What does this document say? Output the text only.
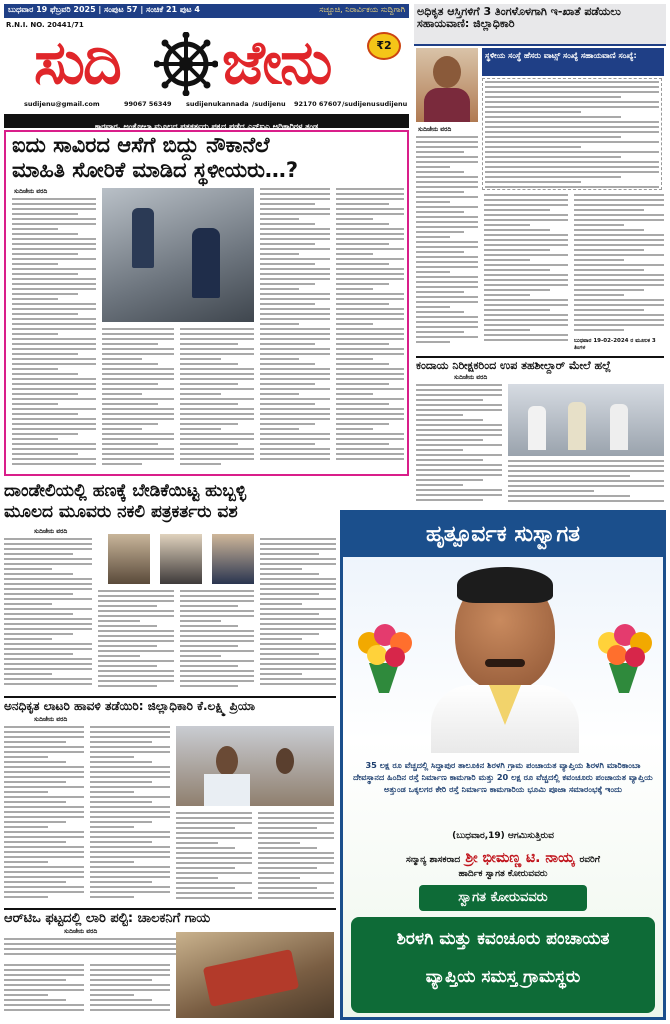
ಬುಧವಾರ 19 ಫೆಬ್ರವರಿ 2025 | ಸಂಪುಟ 57 | ಸಂಚಿಕೆ 21 ಪುಟ 4	ಸಚ್ಚೂಚಿ, ನಿರಾರ್ವಿಕಯ ಸುದ್ದಿಗಾಗಿ
R.N.I. NO. 20441/71
ಸುದಿ ಜೇನು	₹2
sudijenu@gmail.com	99067 56349 sudijenukannada /sudijenu 92170 67607 /sudijenu sudijenu
ಕಾರವಾರ, ಅಂಕೋಲಾ ಮೂಲದ ಪತ್ರಕರ್ತರು ಪಕ್ಷದ ಪಡೆದ ಎನ್‌ಐಎ ಅಧಿಕಾರಿಗಳ ತಂಡ
ಐದು ಸಾವಿರದ ಆಸೆಗೆ ಬಿದ್ದು ನೌಕಾನೆಲೆ
ಮಾಹಿತಿ ಸೋರಿಕೆ ಮಾಡಿದ ಸ್ಥಳೀಯರು…?
ಸುದಿಜೇನು ವರದಿ
ಅಧಿಕೃತ ಆಸ್ತಿಗಳಿಗೆ 3 ತಿಂಗಳೊಳಗಾಗಿ ಇ-ಖಾತೆ ಪಡೆಯಲು ಸಹಾಯವಾಣಿ: ಜಿಲ್ಲಾಧಿಕಾರಿ
ಸ್ಥಳೀಯ ಸಂಸ್ಥೆ ಹೆಸರು ವಾಟ್ಸ್ ಸಂಖ್ಯೆ ಸಹಾಯವಾಣಿ ಸಂಖ್ಯೆ:
ಸುದಿಜೇನು ವರದಿ
ಬುಧವಾರ 19-02-2024 ರ ಮೂಲಕ 3 ತಿಂಗಳ
ಕಂದಾಯ ನಿರೀಕ್ಷಕರಿಂದ ಉಪ ತಹಶೀಲ್ದಾರ್ ಮೇಲೆ ಹಲ್ಲೆ
ಸುದಿಜೇನು ವರದಿ
ದಾಂಡೇಲಿಯಲ್ಲಿ ಹಣಕ್ಕೆ ಬೇಡಿಕೆಯಿಟ್ಟ ಹುಬ್ಬಳ್ಳಿ
ಮೂಲದ ಮೂವರು ನಕಲಿ ಪತ್ರಕರ್ತರು ವಶ
ಸುದಿಜೇನು ವರದಿ
ಅನಧಿಕೃತ ಲಾಟರಿ ಹಾವಳಿ ತಡೆಯಿರಿ: ಜಿಲ್ಲಾಧಿಕಾರಿ ಕೆ.ಲಕ್ಷ್ಮಿ ಪ್ರಿಯಾ
ಸುದಿಜೇನು ವರದಿ
ಆರ್‌ಟಿಒ ಫಟ್ಟದಲ್ಲಿ ಲಾರಿ ಪಲ್ಟಿ: ಚಾಲಕನಿಗೆ ಗಾಯ
ಸುದಿಜೇನು ವರದಿ
ಹೃತ್ಪೂರ್ವಕ ಸುಸ್ವಾಗತ
35 ಲಕ್ಷ ರೂ ವೆಚ್ಚದಲ್ಲಿ ಸಿದ್ದಾಪುರ ತಾಲೂಕಿನ ಶಿರಳಗಿ ಗ್ರಾಮ ಪಂಚಾಯತ ವ್ಯಾಪ್ತಿಯ ಶಿರಳಗಿ ಮಾರಿಕಾಂಬಾ ದೇವಸ್ಥಾನದ ಹಿಂದಿನ ರಸ್ತೆ ನಿರ್ಮಾಣ ಕಾಮಗಾರಿ ಮತ್ತು 20 ಲಕ್ಷ ರೂ ವೆಚ್ಚದಲ್ಲಿ ಕವಂಚೂರು ಪಂಚಾಯತ ವ್ಯಾಪ್ತಿಯ ಅತ್ತುಂಡ ಒಕ್ಕಲಗರ ಕೇರಿ ರಸ್ತೆ ನಿರ್ಮಾಣ ಕಾಮಗಾರಿಯ ಭೂಮಿ ಪೂಜಾ ಸಮಾರಂಭಕ್ಕೆ ಇಂದು
(ಬುಧವಾರ,19) ಆಗಮಿಸುತ್ತಿರುವ
ಸನ್ಮಾನ್ಯ ಶಾಸಕರಾದ ಶ್ರೀ ಭೀಮಣ್ಣ ಟಿ. ನಾಯ್ಕ ರವರಿಗೆ
ಹಾರ್ದಿಕ ಸ್ವಾಗತ ಕೋರುವವರು
ಸ್ವಾಗತ ಕೋರುವವರು
ಶಿರಳಗಿ ಮತ್ತು ಕವಂಚೂರು ಪಂಚಾಯತ
ವ್ಯಾಪ್ತಿಯ ಸಮಸ್ತ ಗ್ರಾಮಸ್ಥರು
